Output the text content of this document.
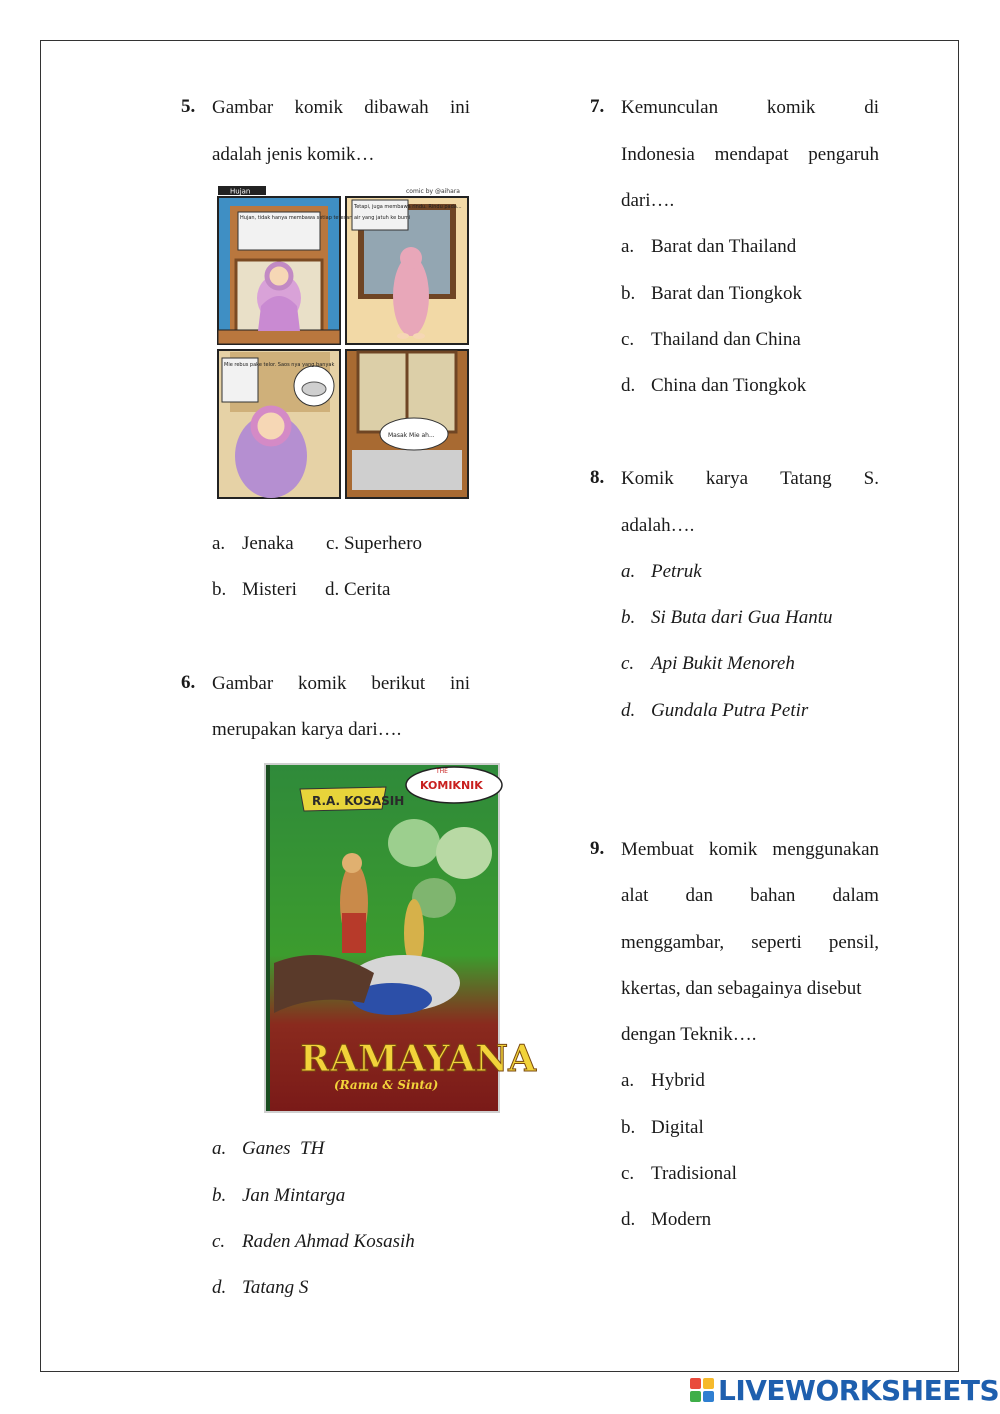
5. Gambar komik dibawah ini
adalah jenis komik…
Hujan	comic by @aihara
Hujan, tidak hanya membawa setiap tetesan air yang jatuh ke bumi
Tetapi, juga membawa rindu. Rindu pada...
Mie rebus pake telor. Saos nya yang banyak
Masak Mie ah...
a. Jenaka c. Superhero
b. Misteri d. Cerita
6. Gambar komik berikut ini
merupakan karya dari….
R.A. KOSASIH
THE
KOMIKNIK
RAMAYANA
(Rama & Sinta)
a. Ganes  TH
b. Jan Mintarga
c. Raden Ahmad Kosasih
d. Tatang S
7. Kemunculan	komik	di
Indonesia mendapat pengaruh
dari….
a. Barat dan Thailand
b. Barat dan Tiongkok
c. Thailand dan China
d. China dan Tiongkok
8. Komik karya Tatang S.
adalah….
a. Petruk
b. Si Buta dari Gua Hantu
c. Api Bukit Menoreh
d. Gundala Putra Petir
9. Membuat komik menggunakan
alat dan bahan dalam
menggambar, seperti pensil,
kkertas, dan sebagainya disebut
dengan Teknik….
a. Hybrid
b. Digital
c. Tradisional
d. Modern
LIVEWORKSHEETS
